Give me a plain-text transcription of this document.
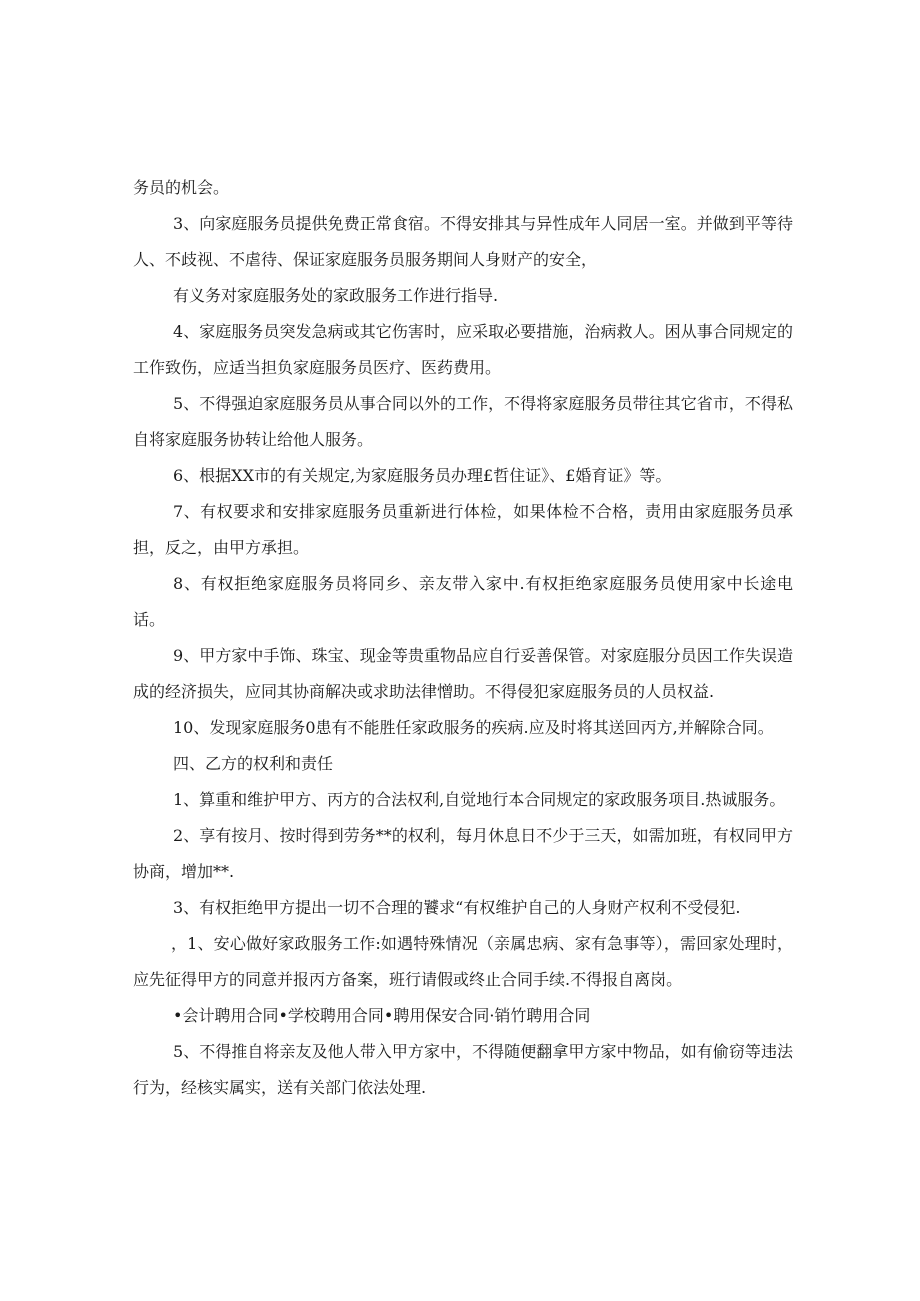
务员的机会。

3、向家庭服务员提供免费正常食宿。不得安排其与异性成年人同居一室。并做到平等待人、不歧视、不虐待、保证家庭服务员服务期间人身财产的安全，

有义务对家庭服务处的家政服务工作进行指导.

4、家庭服务员突发急病或其它伤害时，应采取必要措施，治病救人。困从事合同规定的工作致伤，应适当担负家庭服务员医疗、医药费用。

5、不得强迫家庭服务员从事合同以外的工作，不得将家庭服务员带往其它省市，不得私自将家庭服务协转让给他人服务。

6、根据XX市的有关规定,为家庭服务员办理£哲住证》、£婚育证》等。

7、有权要求和安排家庭服务员重新进行体检，如果体检不合格，责用由家庭服务员承担，反之，由甲方承担。

8、有权拒绝家庭服务员将同乡、亲友带入家中.有权拒绝家庭服务员使用家中长途电话。

9、甲方家中手饰、珠宝、现金等贵重物品应自行妥善保管。对家庭服分员因工作失误造成的经济损失，应同其协商解决或求助法律憎助。不得侵犯家庭服务员的人员权益.

10、发现家庭服务0患有不能胜任家政服务的疾病.应及时将其送回丙方,并解除合同。

四、乙方的权利和责任

1、算重和维护甲方、丙方的合法权利,自觉地行本合同规定的家政服务项目.热诚服务。

2、享有按月、按时得到劳务**的权利，每月休息日不少于三天，如需加班，有权同甲方协商，增加**.

3、有权拒绝甲方提出一切不合理的饕求“有权维护自己的人身财产权利不受侵犯.

，1、安心做好家政服务工作:如遇特殊情况（亲属忠病、家有急事等），需回家处理时，应先征得甲方的同意并报丙方备案，班行请假或终止合同手续.不得报自离岗。

•会计聘用合同•学校聘用合同•聘用保安合同·销竹聘用合同

5、不得推自将亲友及他人带入甲方家中，不得随便翻拿甲方家中物品，如有偷窃等违法行为，经核实属实，送有关部门依法处理.
